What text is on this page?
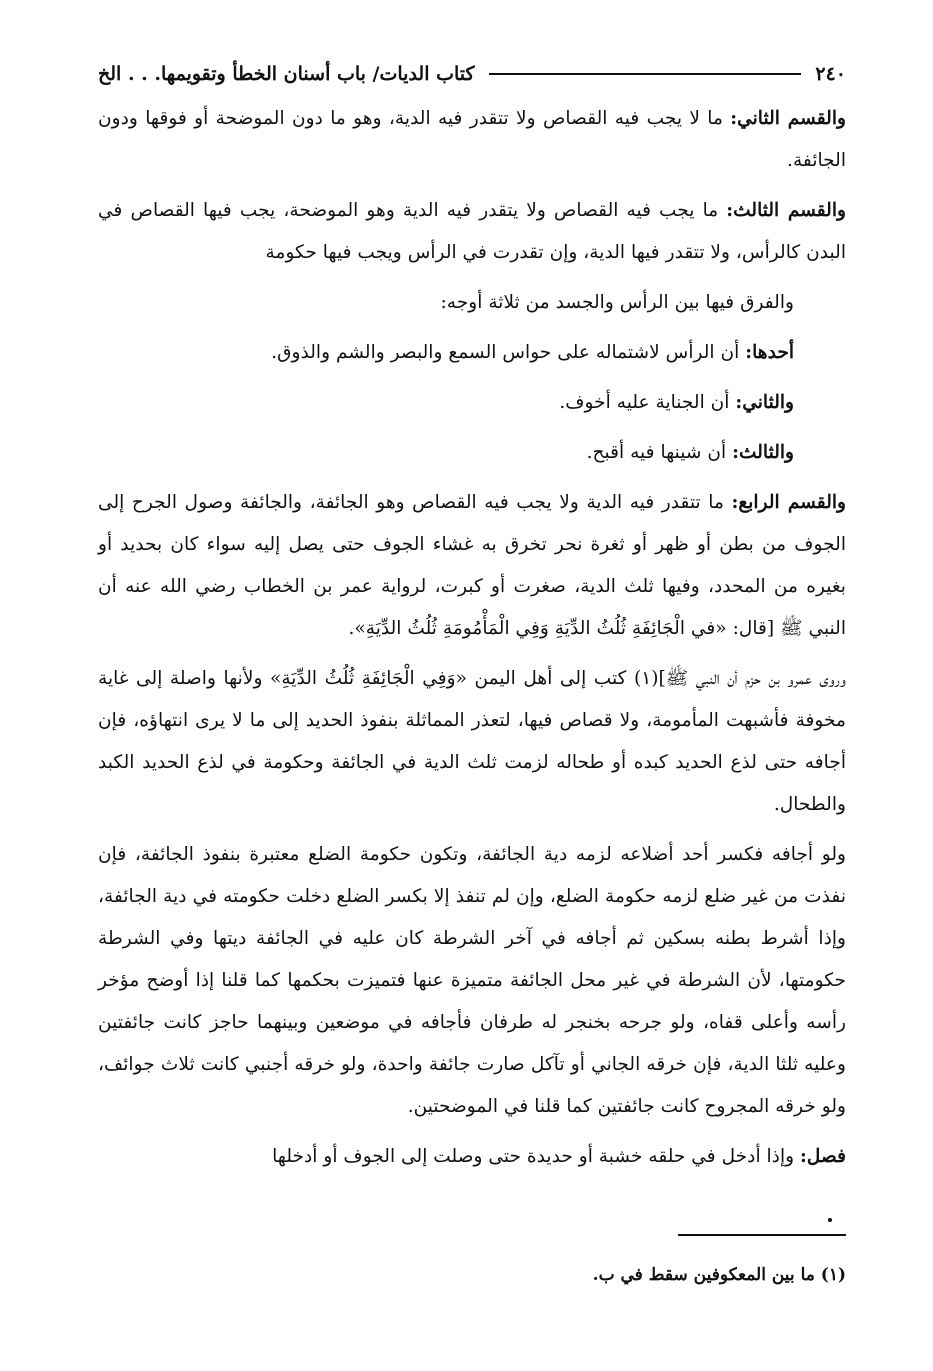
٢٤٠
كتاب الديات/ باب أسنان الخطأ وتقويمها. . . الخ

والقسم الثاني: ما لا يجب فيه القصاص ولا تتقدر فيه الدية، وهو ما دون الموضحة أو فوقها ودون الجائفة.

والقسم الثالث: ما يجب فيه القصاص ولا يتقدر فيه الدية وهو الموضحة، يجب فيها القصاص في البدن كالرأس، ولا تتقدر فيها الدية، وإن تقدرت في الرأس ويجب فيها حكومة

والفرق فيها بين الرأس والجسد من ثلاثة أوجه:

أحدها: أن الرأس لاشتماله على حواس السمع والبصر والشم والذوق.

والثاني: أن الجناية عليه أخوف.

والثالث: أن شينها فيه أقبح.

والقسم الرابع: ما تتقدر فيه الدية ولا يجب فيه القصاص وهو الجائفة، والجائفة وصول الجرح إلى الجوف من بطن أو ظهر أو ثغرة نحر تخرق به غشاء الجوف حتى يصل إليه سواء كان بحديد أو بغيره من المحدد، وفيها ثلث الدية، صغرت أو كبرت، لرواية عمر بن الخطاب رضي الله عنه أن النبي ﷺ [قال: «في الْجَائِفَةِ ثُلُثُ الدِّيَةِ وَفِي الْمَأْمُومَةِ ثُلُثُ الدِّيَةِ».

وروى عمرو بن حزم أن النبي ﷺ](١) كتب إلى أهل اليمن «وَفِي الْجَائِفَةِ ثُلُثُ الدِّيَةِ» ولأنها واصلة إلى غاية مخوفة فأشبهت المأمومة، ولا قصاص فيها، لتعذر المماثلة بنفوذ الحديد إلى ما لا يرى انتهاؤه، فإن أجافه حتى لذع الحديد كبده أو طحاله لزمت ثلث الدية في الجائفة وحكومة في لذع الحديد الكبد والطحال.

ولو أجافه فكسر أحد أضلاعه لزمه دية الجائفة، وتكون حكومة الضلع معتبرة بنفوذ الجائفة، فإن نفذت من غير ضلع لزمه حكومة الضلع، وإن لم تنفذ إلا بكسر الضلع دخلت حكومته في دية الجائفة، وإذا أشرط بطنه بسكين ثم أجافه في آخر الشرطة كان عليه في الجائفة ديتها وفي الشرطة حكومتها، لأن الشرطة في غير محل الجائفة متميزة عنها فتميزت بحكمها كما قلنا إذا أوضح مؤخر رأسه وأعلى قفاه، ولو جرحه بخنجر له طرفان فأجافه في موضعين وبينهما حاجز كانت جائفتين وعليه ثلثا الدية، فإن خرقه الجاني أو تآكل صارت جائفة واحدة، ولو خرقه أجنبي كانت ثلاث جوائف، ولو خرقه المجروح كانت جائفتين كما قلنا في الموضحتين.

فصل: وإذا أدخل في حلقه خشبة أو حديدة حتى وصلت إلى الجوف أو أدخلها

(١) ما بين المعكوفين سقط في ب.
